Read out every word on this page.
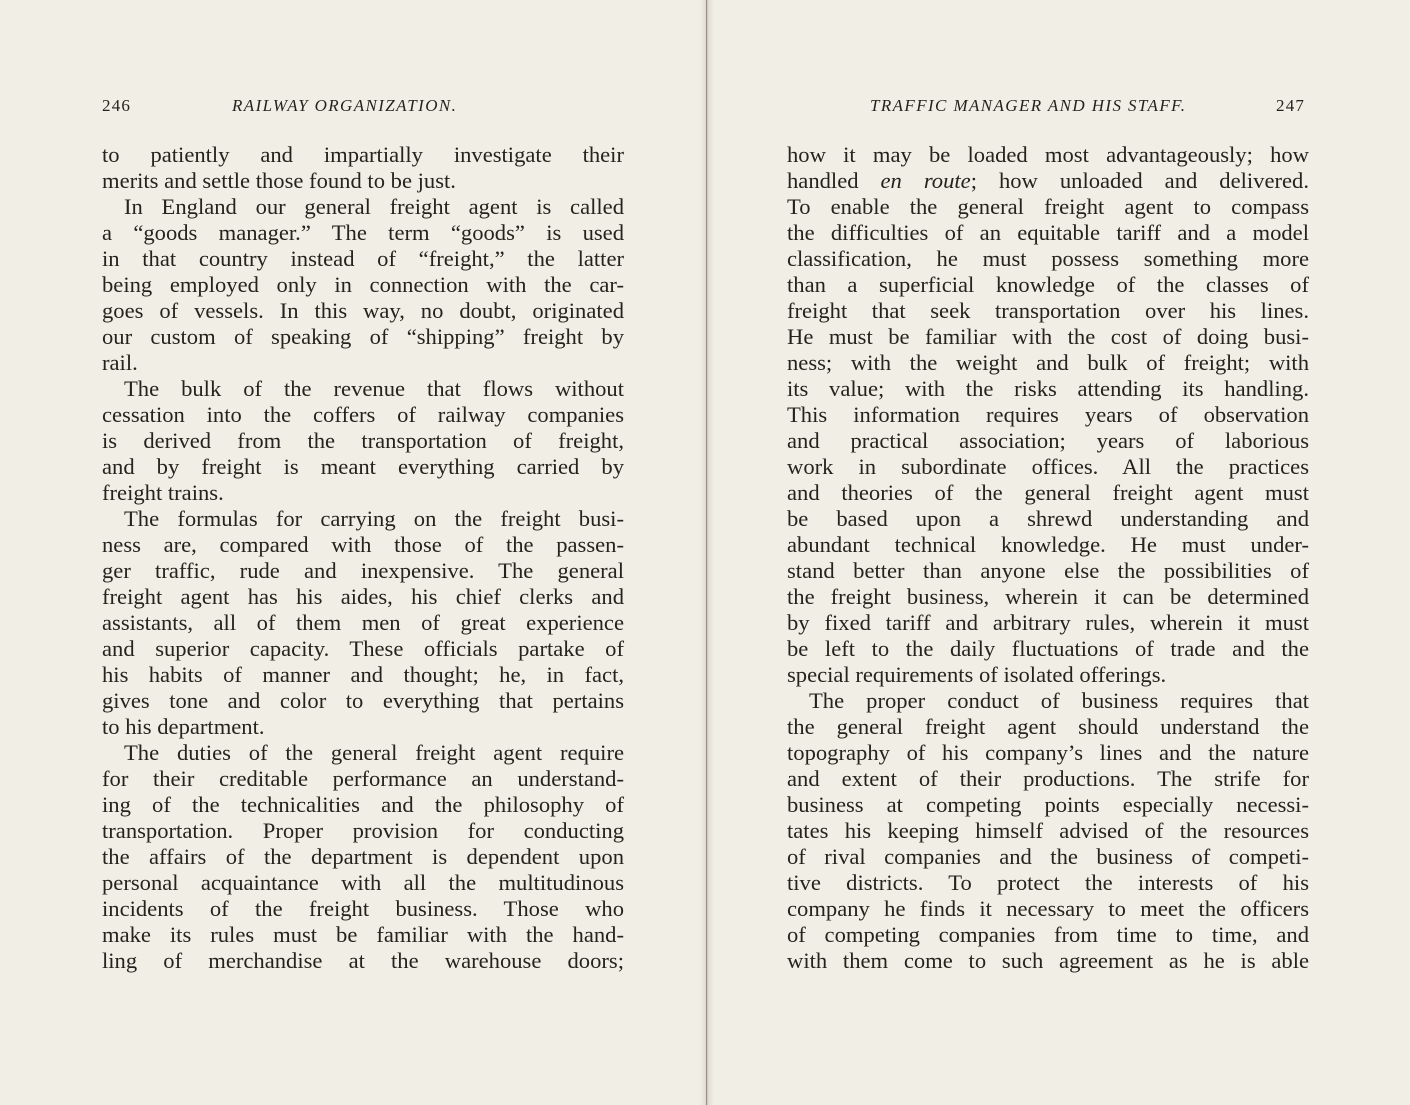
246	RAILWAY ORGANIZATION.
to patiently and impartially investigate their
merits and settle those found to be just.
In England our general freight agent is called
a “goods manager.” The term “goods” is used
in that country instead of “freight,” the latter
being employed only in connection with the car-
goes of vessels. In this way, no doubt, originated
our custom of speaking of “shipping” freight by
rail.
The bulk of the revenue that flows without
cessation into the coffers of railway companies
is derived from the transportation of freight,
and by freight is meant everything carried by
freight trains.
The formulas for carrying on the freight busi-
ness are, compared with those of the passen-
ger traffic, rude and inexpensive. The general
freight agent has his aides, his chief clerks and
assistants, all of them men of great experience
and superior capacity. These officials partake of
his habits of manner and thought; he, in fact,
gives tone and color to everything that pertains
to his department.
The duties of the general freight agent require
for their creditable performance an understand-
ing of the technicalities and the philosophy of
transportation. Proper provision for conducting
the affairs of the department is dependent upon
personal acquaintance with all the multitudinous
incidents of the freight business. Those who
make its rules must be familiar with the hand-
ling of merchandise at the warehouse doors;
TRAFFIC MANAGER AND HIS STAFF.	247
how it may be loaded most advantageously; how
handled en route; how unloaded and delivered.
To enable the general freight agent to compass
the difficulties of an equitable tariff and a model
classification, he must possess something more
than a superficial knowledge of the classes of
freight that seek transportation over his lines.
He must be familiar with the cost of doing busi-
ness; with the weight and bulk of freight; with
its value; with the risks attending its handling.
This information requires years of observation
and practical association; years of laborious
work in subordinate offices. All the practices
and theories of the general freight agent must
be based upon a shrewd understanding and
abundant technical knowledge. He must under-
stand better than anyone else the possibilities of
the freight business, wherein it can be determined
by fixed tariff and arbitrary rules, wherein it must
be left to the daily fluctuations of trade and the
special requirements of isolated offerings.
The proper conduct of business requires that
the general freight agent should understand the
topography of his company’s lines and the nature
and extent of their productions. The strife for
business at competing points especially necessi-
tates his keeping himself advised of the resources
of rival companies and the business of competi-
tive districts. To protect the interests of his
company he finds it necessary to meet the officers
of competing companies from time to time, and
with them come to such agreement as he is able
